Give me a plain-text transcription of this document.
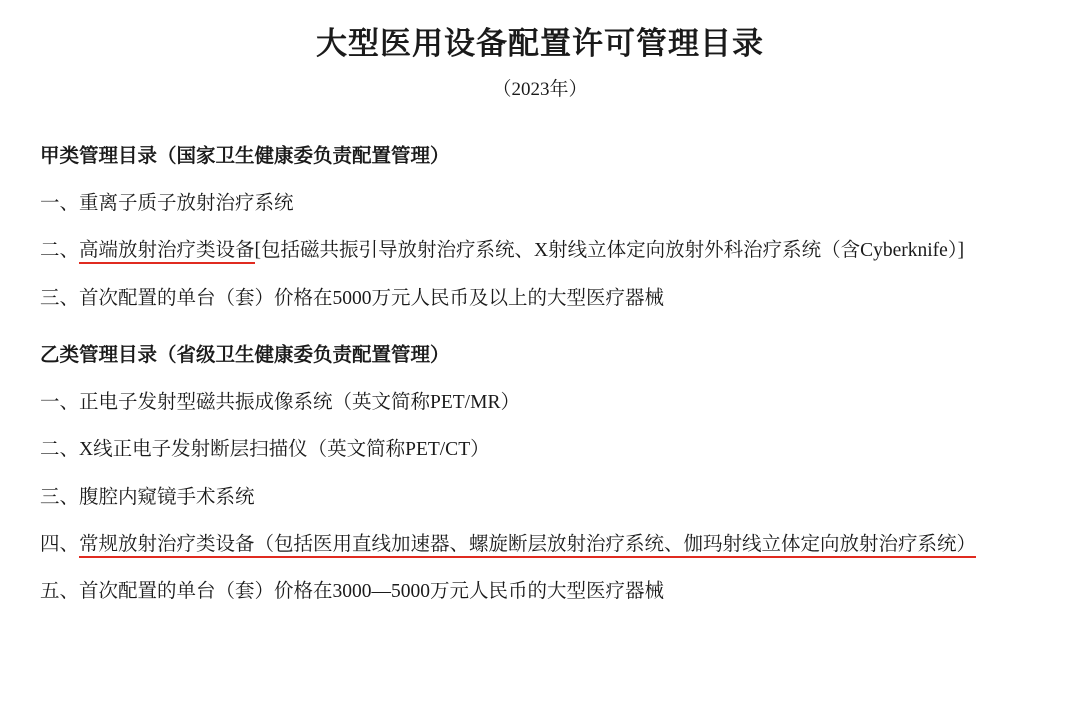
大型医用设备配置许可管理目录
（2023年）
甲类管理目录（国家卫生健康委负责配置管理）
一、重离子质子放射治疗系统
二、高端放射治疗类设备[包括磁共振引导放射治疗系统、X射线立体定向放射外科治疗系统（含Cyberknife）]
三、首次配置的单台（套）价格在5000万元人民币及以上的大型医疗器械
乙类管理目录（省级卫生健康委负责配置管理）
一、正电子发射型磁共振成像系统（英文简称PET/MR）
二、X线正电子发射断层扫描仪（英文简称PET/CT）
三、腹腔内窥镜手术系统
四、常规放射治疗类设备（包括医用直线加速器、螺旋断层放射治疗系统、伽玛射线立体定向放射治疗系统）
五、首次配置的单台（套）价格在3000—5000万元人民币的大型医疗器械
